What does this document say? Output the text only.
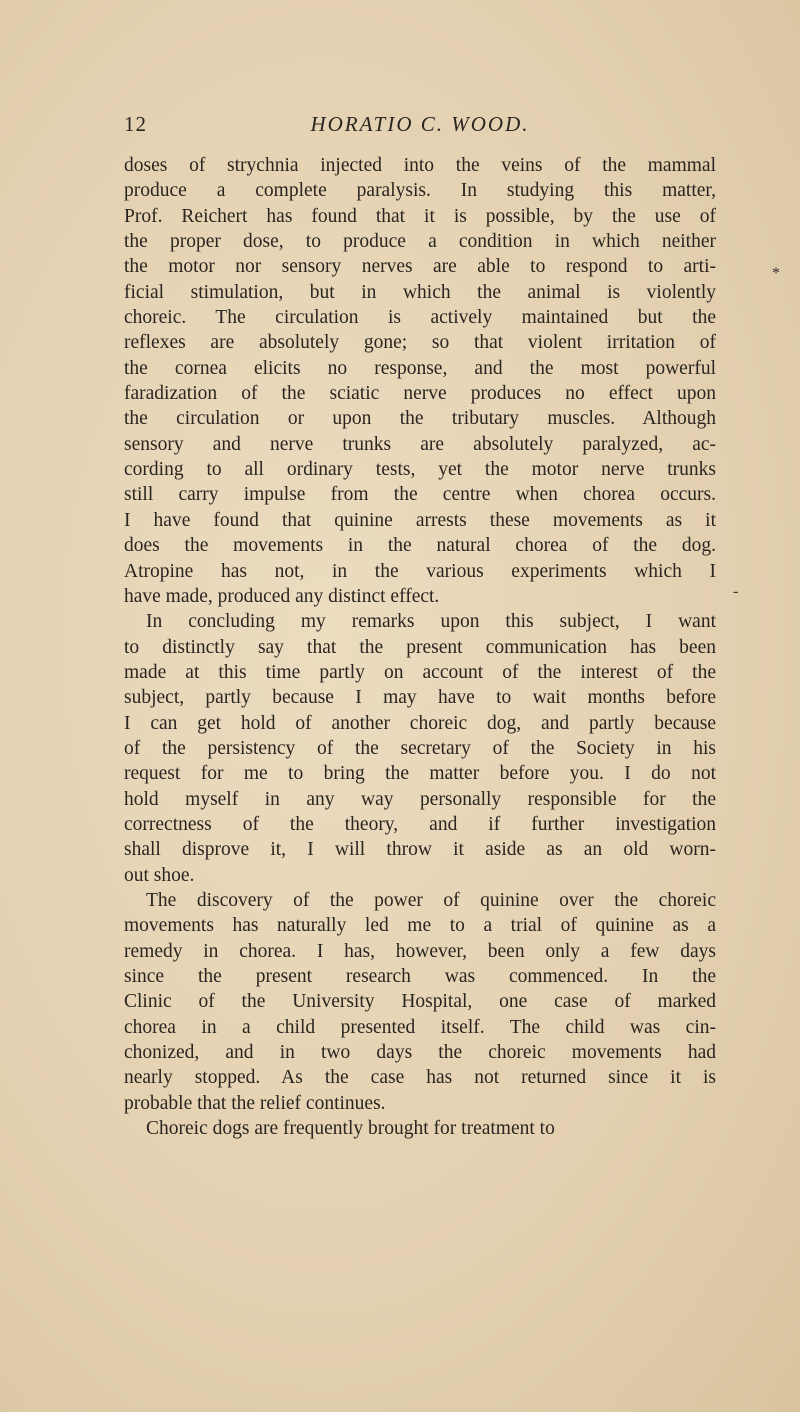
12	HORATIO C. WOOD.
*
-
doses of strychnia injected into the veins of the mammal
produce a complete paralysis. In studying this matter,
Prof. Reichert has found that it is possible, by the use of
the proper dose, to produce a condition in which neither
the motor nor sensory nerves are able to respond to arti-
ficial stimulation, but in which the animal is violently
choreic. The circulation is actively maintained but the
reflexes are absolutely gone; so that violent irritation of
the cornea elicits no response, and the most powerful
faradization of the sciatic nerve produces no effect upon
the circulation or upon the tributary muscles. Although
sensory and nerve trunks are absolutely paralyzed, ac-
cording to all ordinary tests, yet the motor nerve trunks
still carry impulse from the centre when chorea occurs.
I have found that quinine arrests these movements as it
does the movements in the natural chorea of the dog.
Atropine has not, in the various experiments which I
have made, produced any distinct effect.
In concluding my remarks upon this subject, I want
to distinctly say that the present communication has been
made at this time partly on account of the interest of the
subject, partly because I may have to wait months before
I can get hold of another choreic dog, and partly because
of the persistency of the secretary of the Society in his
request for me to bring the matter before you. I do not
hold myself in any way personally responsible for the
correctness of the theory, and if further investigation
shall disprove it, I will throw it aside as an old worn-
out shoe.
The discovery of the power of quinine over the choreic
movements has naturally led me to a trial of quinine as a
remedy in chorea. I has, however, been only a few days
since the present research was commenced. In the
Clinic of the University Hospital, one case of marked
chorea in a child presented itself. The child was cin-
chonized, and in two days the choreic movements had
nearly stopped. As the case has not returned since it is
probable that the relief continues.
Choreic dogs are frequently brought for treatment to
